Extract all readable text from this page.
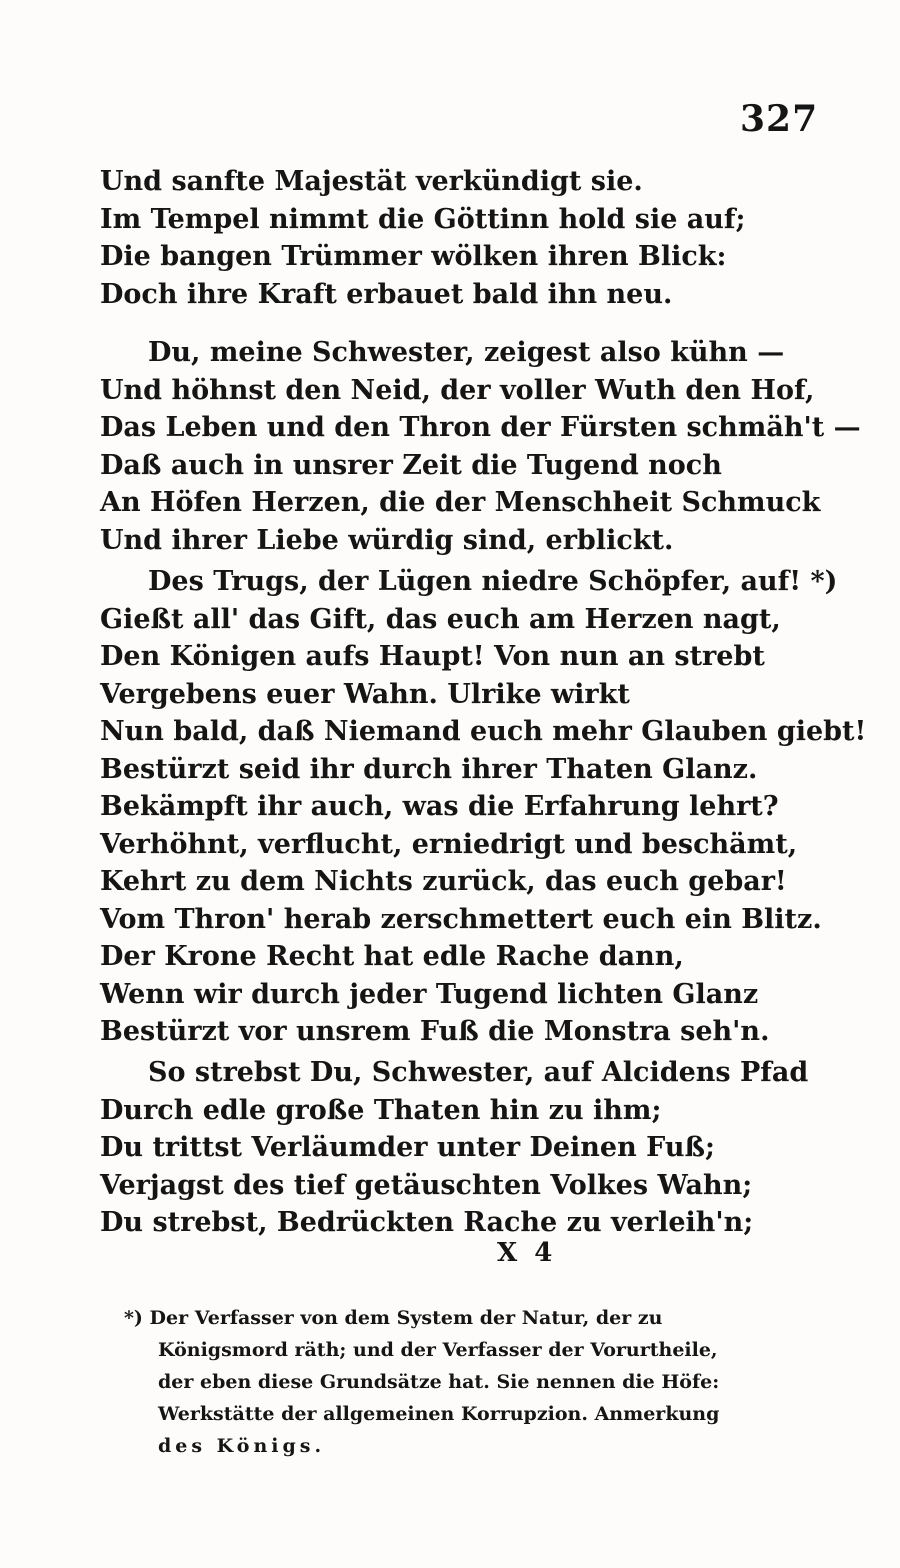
327
Und sanfte Majestät verkündigt sie.
Im Tempel nimmt die Göttinn hold sie auf;
Die bangen Trümmer wölken ihren Blick:
Doch ihre Kraft erbauet bald ihn neu.
Du, meine Schwester, zeigest also kühn —
Und höhnst den Neid, der voller Wuth den Hof,
Das Leben und den Thron der Fürsten schmäh't —
Daß auch in unsrer Zeit die Tugend noch
An Höfen Herzen, die der Menschheit Schmuck
Und ihrer Liebe würdig sind, erblickt.
Des Trugs, der Lügen niedre Schöpfer, auf! *)
Gießt all' das Gift, das euch am Herzen nagt,
Den Königen aufs Haupt! Von nun an strebt
Vergebens euer Wahn. Ulrike wirkt
Nun bald, daß Niemand euch mehr Glauben giebt!
Bestürzt seid ihr durch ihrer Thaten Glanz.
Bekämpft ihr auch, was die Erfahrung lehrt?
Verhöhnt, verflucht, erniedrigt und beschämt,
Kehrt zu dem Nichts zurück, das euch gebar!
Vom Thron' herab zerschmettert euch ein Blitz.
Der Krone Recht hat edle Rache dann,
Wenn wir durch jeder Tugend lichten Glanz
Bestürzt vor unsrem Fuß die Monstra seh'n.
So strebst Du, Schwester, auf Alcidens Pfad
Durch edle große Thaten hin zu ihm;
Du trittst Verläumder unter Deinen Fuß;
Verjagst des tief getäuschten Volkes Wahn;
Du strebst, Bedrückten Rache zu verleih'n;
X 4
*) Der Verfasser von dem System der Natur, der zu
Königsmord räth; und der Verfasser der Vorurtheile,
der eben diese Grundsätze hat. Sie nennen die Höfe:
Werkstätte der allgemeinen Korrupzion. Anmerkung
des Königs.
